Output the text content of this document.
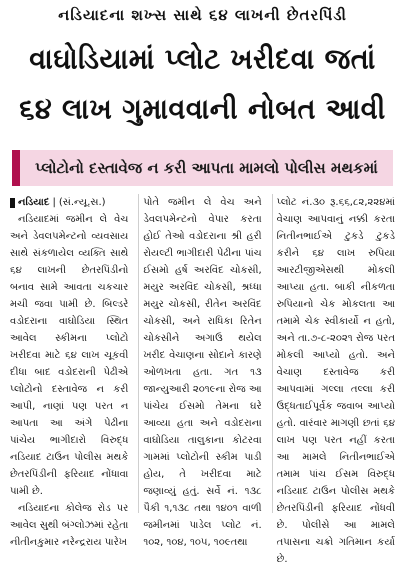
નડિયાદના શખ્સ સાથે ૬૪ લાખની છેતરપિંડી
વાઘોડિયામાં પ્લોટ ખરીદવા જતાં
૬૪ લાખ ગુમાવવાની નોબત આવી
પ્લોટોનો દસ્તાવેજ ન કરી આપતા મામલો પોલીસ મથકમાં
નડિયાદ | (સં.ન્યૂ.સ.)

નડિયાદમાં જમીન લે વેચ અને ડેવલપમેન્ટનો વ્યવસાય સાથે સંકળાયેલ વ્યક્તિ સાથે ૬૪ લાખની છેતરપિંડીનો બનાવ સામે આવતા ચકચાર મચી જવા પામી છે. બિલ્ડરે વડોદરાના વાઘોડિયા સ્થિત આવેલ સ્કીમના પ્લોટો ખરીદવા માટે ૬૪ લાખ ચૂકવી દીધા બાદ વડોદરાની પેઢીએ પ્લોટોનો દસ્તાવેજ ન કરી આપી, નાણાં પણ પરત ન આપતા આ અંગે પેઢીના પાંચેય ભાગીદારો વિરુદ્ધ નડિયાદ ટાઉન પોલીસ મથકે છેતરપિંડીની ફરિયાદ નોંધાવા પામી છે.

નડિયાદના કોલેજ રોડ પર આવેલ સુથી બંગ્લોઝમાં રહેતા નીતીનકુમાર નરેન્દ્રરાય પારેખ

પોતે જમીન લે વેચ અને ડેવલપમેન્ટનો વેપાર કરતા હોઈ તેઓ વડોદરાના શ્રી હરી રોયલ્ટી ભાગીદારી પેઢીના પાંચ ઈસમો હર્ષ અરવિંદ ચોકસી, મયુર અરવિંદ ચોકસી, શ્રધ્ધા મયુર ચોકસી, રીતેન અરવિંદ ચોકસી, અને રાધિકા રિતેન ચોકસીને અગાઉ થયેલ ખરીદ વેચાણના સોદાને કારણે ઓળખતા હતા. ગત ૧૩ જાન્યુઆરી ૨૦૧૯ના રોજ આ પાંચેય ઈસમો તેમના ઘરે આવ્યા હતા અને વડોદરાના વાઘોડિયા તાલુકાના કોટરવા ગામમાં પ્લોટોની સ્કીમ પાડી હોય, તે ખરીદવા માટે જણાવ્યું હતું. સર્વે નં. ૧૩૮ પૈકી ૧,૧૩૮ તથા ૧૪૦૧ વાળી જમીનમાં પાડેલ પ્લોટ નં. ૧૦૨, ૧૦૪, ૧૦૫, ૧૦૯તથા

પ્લોટ નં.૩૦ રૂ.૬૬,૮૨,૨૨૪માં વેચાણ આપવાનું નક્કી કરતા નિતીનભાઈએ ટુકડે ટુકડે કરીને ૬૪ લાખ રુપિયા આરટીજીએસથી મોકલી આપ્યા હતા. બાકી નીકળતા રુપિયાનો ચેક મોકલતા આ તમામે ચેક સ્વીકાર્યો ન હતો, અને તા.૭-૮-૨૦૨૧ રોજ પરત મોકલી આપ્યો હતો. અને વેચાણ દસ્તાવેજ કરી આપવામાં ગલ્લા તલ્લા કરી ઉદ્ધતાઈપૂર્વક જવાબ આપ્યો હતો. વારંવાર માગણી છતાં ૬૪ લાખ પણ પરત નહીં કરતા આ મામલે નિતીનભાઈએ તમામ પાંચ ઈસમ વિરુદ્ધ નડિયાદ ટાઉન પોલીસ મથકે છેતરપિંડીની ફરિયાદ નોંધવી છે. પોલીસે આ મામલે તપાસના ચક્રો ગતિમાન કર્યા છે.
